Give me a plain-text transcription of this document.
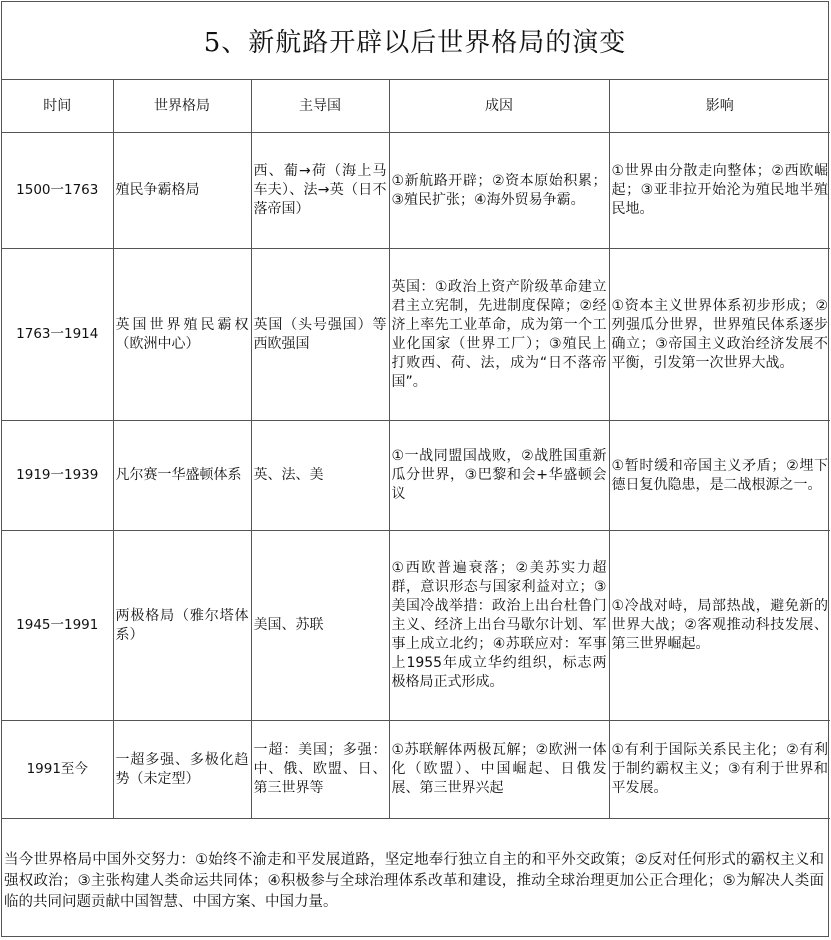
5、新航路开辟以后世界格局的演变
时间	世界格局	主导国	成因	影响
1500一1763	殖民争霸格局	西、葡→荷（海上马车夫）、法→英（日不落帝国）	①新航路开辟；②资本原始积累；③殖民扩张；④海外贸易争霸。	①世界由分散走向整体；②西欧崛起；③亚非拉开始沦为殖民地半殖民地。
1763一1914	英国世界殖民霸权（欧洲中心）	英国（头号强国）等西欧强国	英国：①政治上资产阶级革命建立君主立宪制，先进制度保障；②经济上率先工业革命，成为第一个工业化国家（世界工厂）；③殖民上打败西、荷、法，成为“日不落帝国”。	①资本主义世界体系初步形成；②列强瓜分世界，世界殖民体系逐步确立；③帝国主义政治经济发展不平衡，引发第一次世界大战。
1919一1939	凡尔赛一华盛顿体系	英、法、美	①一战同盟国战败，②战胜国重新瓜分世界，③巴黎和会+华盛顿会议	①暂时缓和帝国主义矛盾；②埋下德日复仇隐患，是二战根源之一。
1945一1991	两极格局（雅尔塔体系）	美国、苏联	①西欧普遍衰落；②美苏实力超群，意识形态与国家利益对立；③美国冷战举措：政治上出台杜鲁门主义、经济上出台马歇尔计划、军事上成立北约；④苏联应对：军事上1955年成立华约组织，标志两极格局正式形成。	①冷战对峙，局部热战，避免新的世界大战；②客观推动科技发展、第三世界崛起。
1991至今	一超多强、多极化趋势（未定型）	一超：美国；多强：中、俄、欧盟、日、第三世界等	①苏联解体两极瓦解；②欧洲一体化（欧盟）、中国崛起、日俄发展、第三世界兴起	①有利于国际关系民主化；②有利于制约霸权主义；③有利于世界和平发展。
当今世界格局中国外交努力：①始终不渝走和平发展道路，坚定地奉行独立自主的和平外交政策；②反对任何形式的霸权主义和强权政治；③主张构建人类命运共同体；④积极参与全球治理体系改革和建设，推动全球治理更加公正合理化；⑤为解决人类面临的共同问题贡献中国智慧、中国方案、中国力量。
